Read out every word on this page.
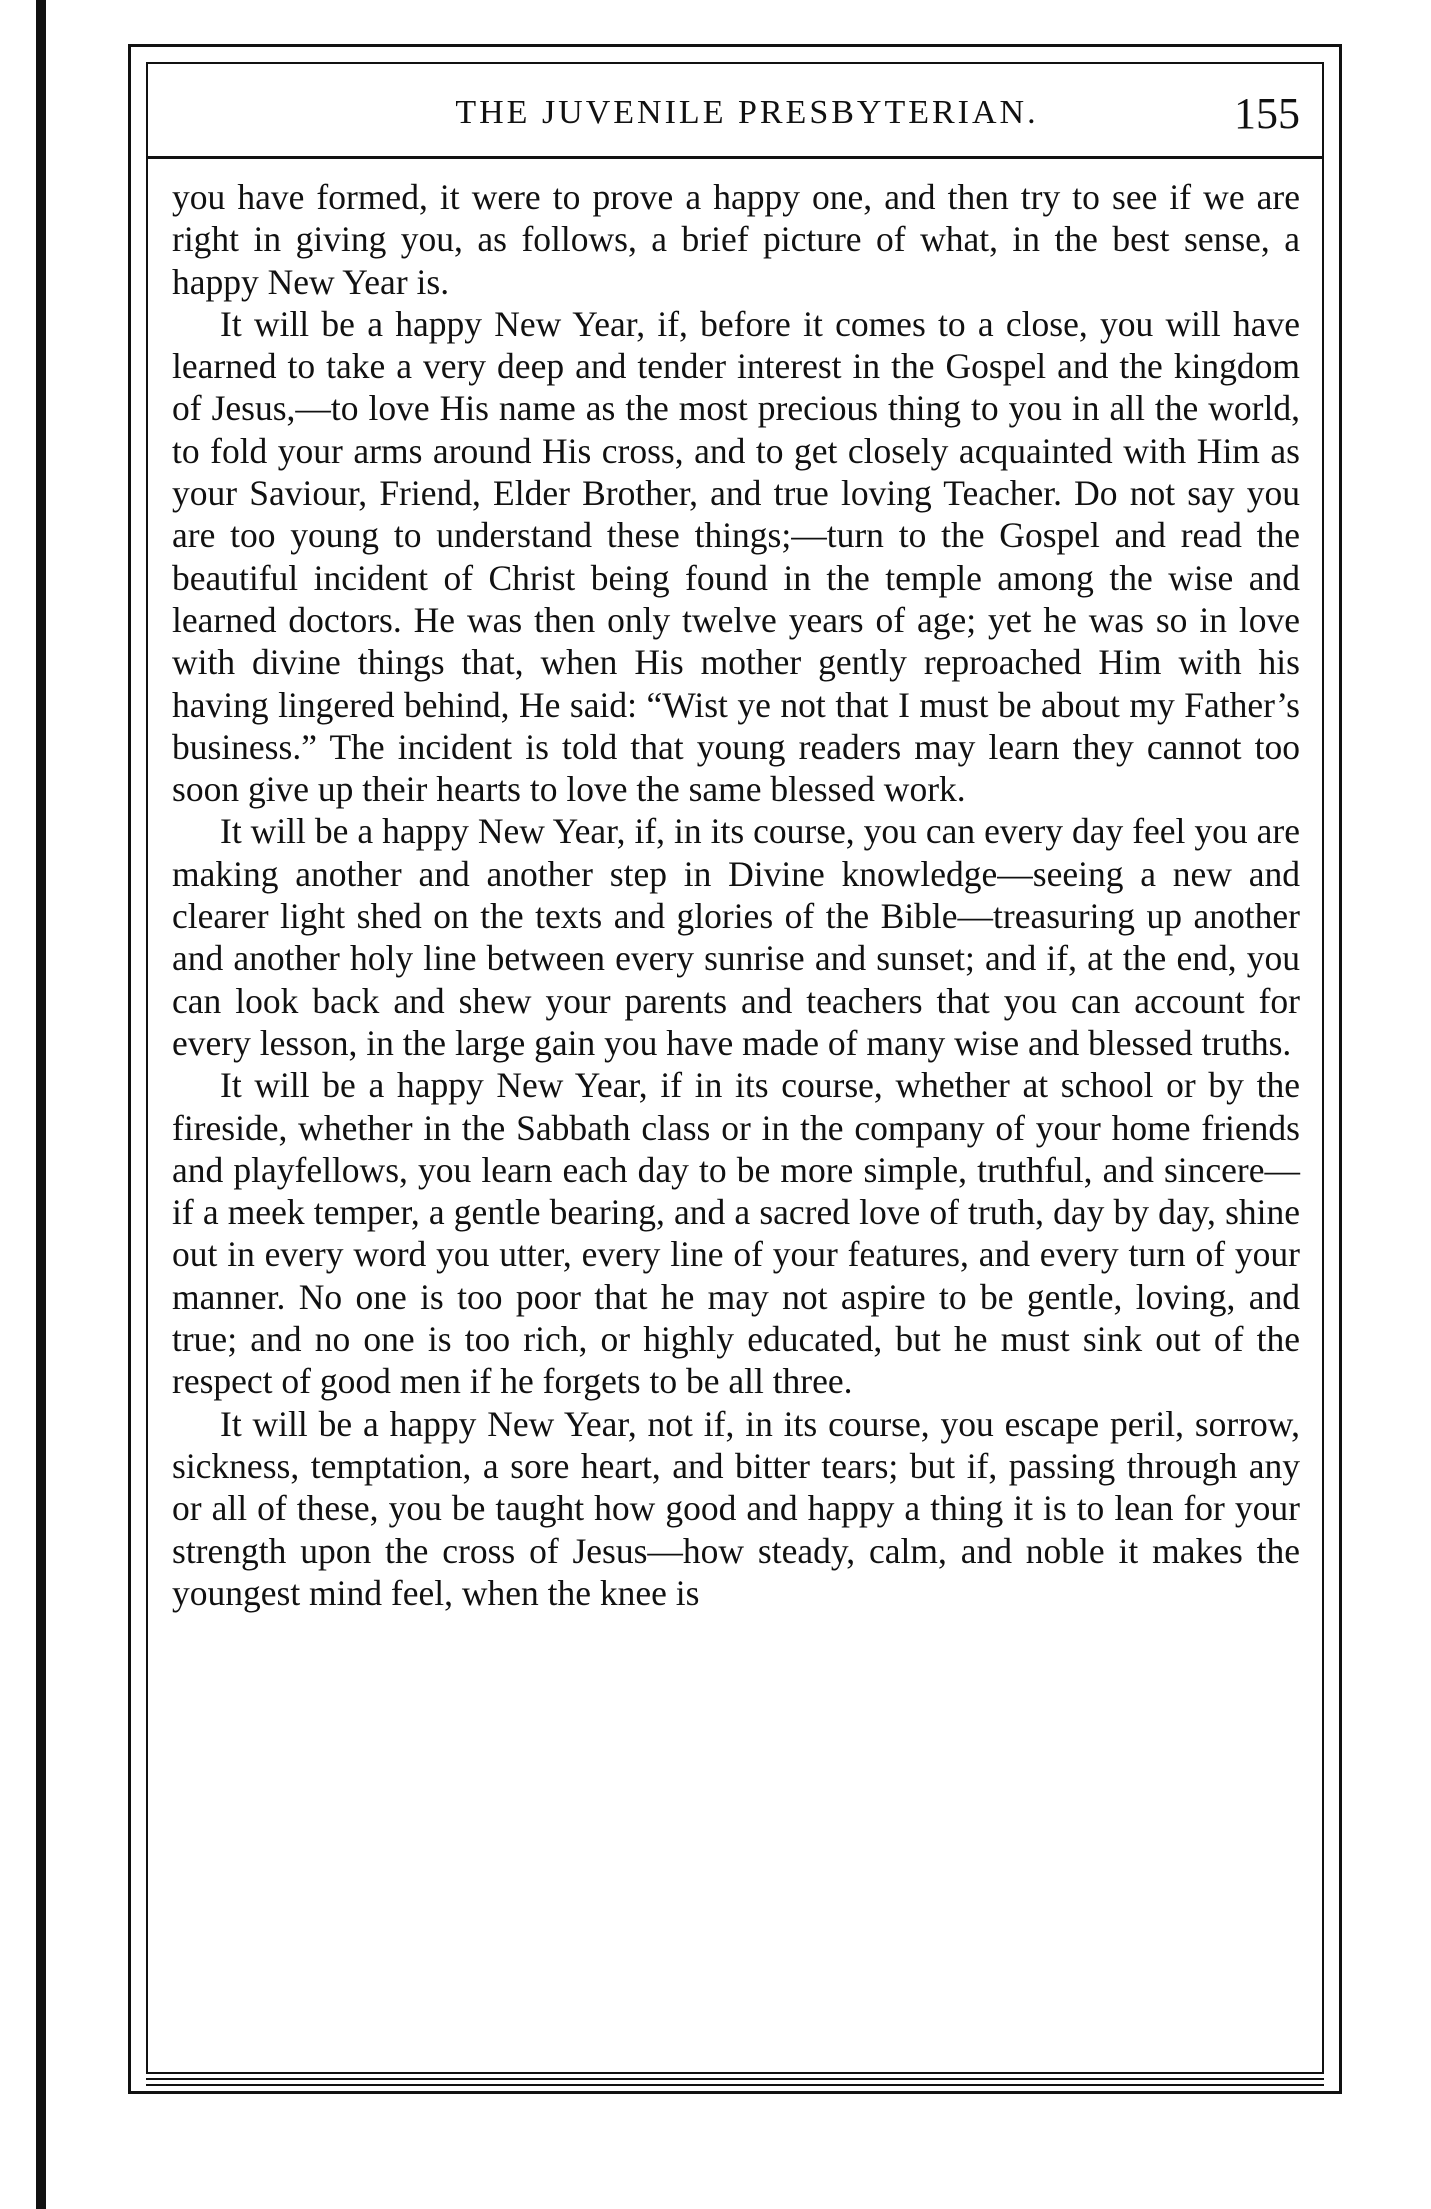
THE JUVENILE PRESBYTERIAN.	155

you have formed, it were to prove a happy one, and then try to see if we are right in giving you, as follows, a brief picture of what, in the best sense, a happy New Year is.

It will be a happy New Year, if, before it comes to a close, you will have learned to take a very deep and tender interest in the Gospel and the kingdom of Jesus,—to love His name as the most precious thing to you in all the world, to fold your arms around His cross, and to get closely acquainted with Him as your Saviour, Friend, Elder Brother, and true loving Teacher. Do not say you are too young to understand these things;—turn to the Gospel and read the beautiful incident of Christ being found in the temple among the wise and learned doctors. He was then only twelve years of age; yet he was so in love with divine things that, when His mother gently reproached Him with his having lingered behind, He said: “Wist ye not that I must be about my Father’s business.” The incident is told that young readers may learn they cannot too soon give up their hearts to love the same blessed work.

It will be a happy New Year, if, in its course, you can every day feel you are making another and another step in Divine knowledge—seeing a new and clearer light shed on the texts and glories of the Bible—treasuring up another and another holy line between every sunrise and sunset; and if, at the end, you can look back and shew your parents and teachers that you can account for every lesson, in the large gain you have made of many wise and blessed truths.

It will be a happy New Year, if in its course, whether at school or by the fireside, whether in the Sabbath class or in the company of your home friends and playfellows, you learn each day to be more simple, truthful, and sincere—if a meek temper, a gentle bearing, and a sacred love of truth, day by day, shine out in every word you utter, every line of your features, and every turn of your manner. No one is too poor that he may not aspire to be gentle, loving, and true; and no one is too rich, or highly educated, but he must sink out of the respect of good men if he forgets to be all three.

It will be a happy New Year, not if, in its course, you escape peril, sorrow, sickness, temptation, a sore heart, and bitter tears; but if, passing through any or all of these, you be taught how good and happy a thing it is to lean for your strength upon the cross of Jesus—how steady, calm, and noble it makes the youngest mind feel, when the knee is
